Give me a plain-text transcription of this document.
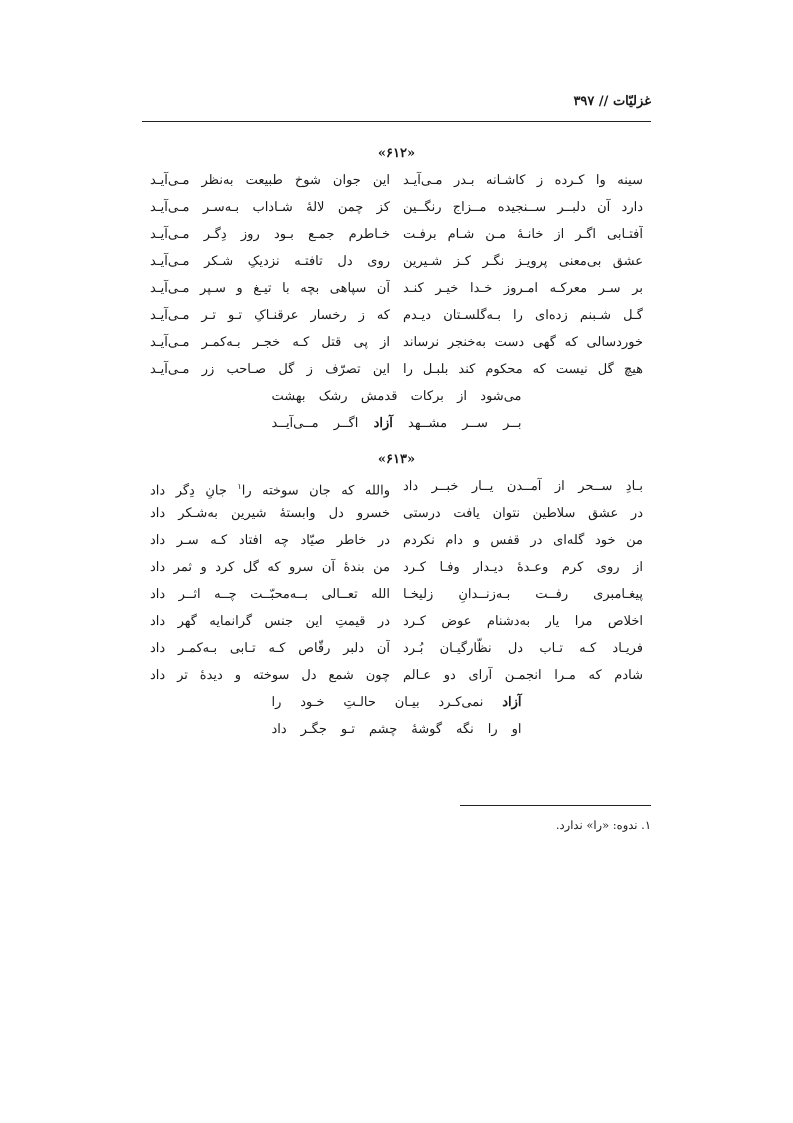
غزلیّات // ۳۹۷
«۶۱۲»
سینه وا کـرده ز کاشـانه بـدر مـی‌آیـد
این جوان شوخ طبیعت به‌نظر مـی‌آیـد
دارد آن دلبــر ســنجیده مــزاج رنگــین
کز چمن لالهٔ شـاداب بـه‌سـر مـی‌آیـد
آفتـابی اگـر از خانـهٔ مـن شـام برفـت
خـاطرم جمـع بـود روز دِگـر مـی‌آیـد
عشق بی‌معنی پرویـز نگـر کـز شـیرین
روی دل تافتـه نزدیکِ شـکر مـی‌آیـد
بر سـر معرکـه امـروز خـدا خیـر کنـد
آن سپاهی بچه با تیـغ و سـپر مـی‌آیـد
گـل شـبنم زده‌ای را بـه‌گلسـتان دیـدم
که ز رخسار عرقنـاکِ تـو تـر مـی‌آیـد
خوردسالی که گهی دست به‌خنجر نرساند
از پی قتل کـه خجـر بـه‌کمـر مـی‌آیـد
هیچ گل نیست که محکوم کند بلبـل را
این تصرّف ز گل صـاحب زر مـی‌آیـد
می‌شود از برکات قدمش رشک بهشت
بــر ســر مشــهد آزاد اگــر مــی‌آیــد
«۶۱۳»
بـادِ ســحر از آمــدن یــار خبــر داد
والله که جان سوخته را$^۱$ جانِ دِگر داد
در عشق سلاطین نتوان یافت درستی
خسرو دل وابستهٔ شیرین به‌شـکر داد
من خود گله‌ای در قفس و دام نکردم
در خاطر صیّاد چه افتاد کـه سـر داد
از روی کرم وعـدهٔ دیـدار وفـا کـرد
من بندهٔ آن سرو که گل کرد و ثمر داد
پیغـامبری رفــت بـه‌زنــدانِ زلیخـا
الله تعــالی بــه‌محبّــت چــه اثــر داد
اخلاص مرا یار به‌دشنام عوض کـرد
در قیمتِ این جنس گرانمایه گهر داد
فریـاد کـه تـاب دل نظّارگیـان بُـرد
آن دلبر رقّاص کـه تـابی بـه‌کمـر داد
شادم که مـرا انجمـن آرای دو عـالم
چون شمع دل سوخته و دیدهٔ تر داد
آزاد نمی‌کـرد بیـان حالـتِ خـود را
او را نگه گوشهٔ چشم تـو جگـر داد
۱. ندوه: «را» ندارد.
